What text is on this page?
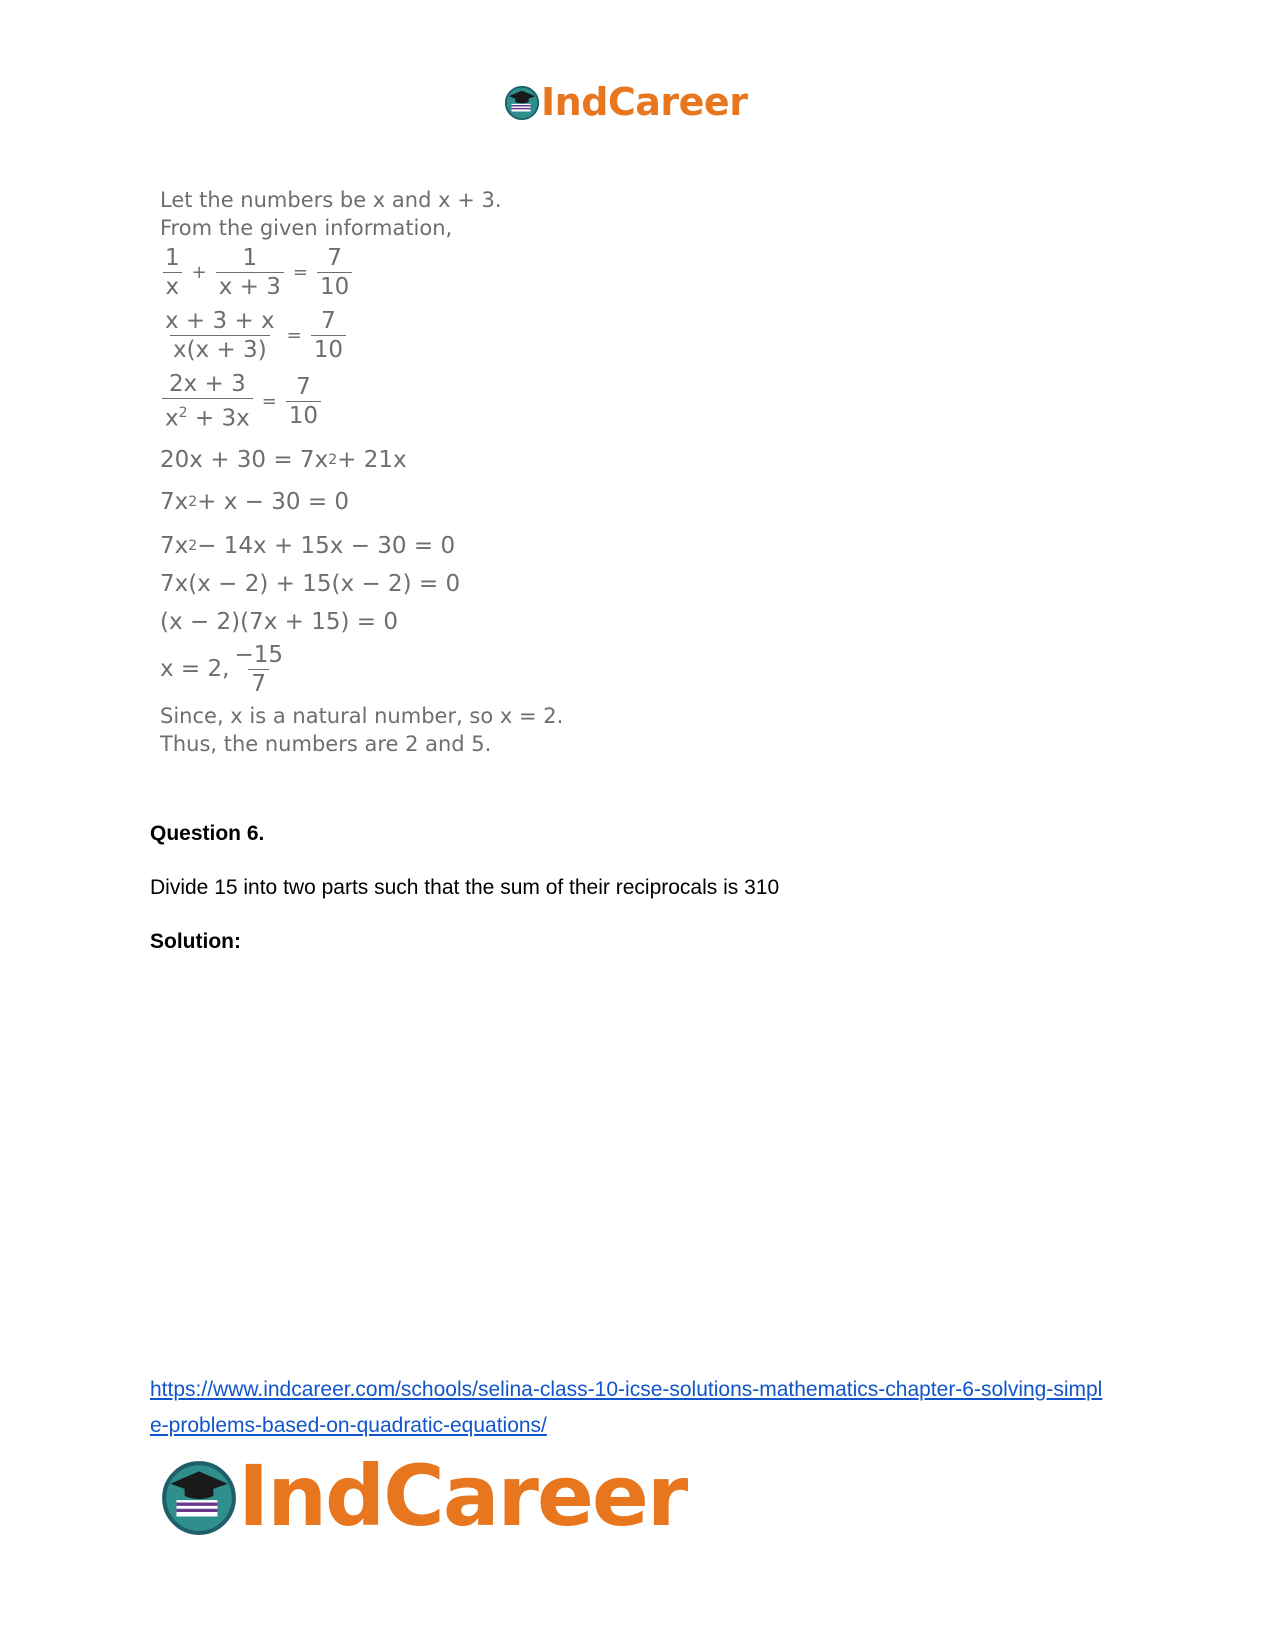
IndCareer
Let the numbers be x and x + 3.
From the given information,
$\frac{1}{x} + \frac{1}{x + 3} = \frac{7}{10}$
$\frac{x + 3 + x}{x(x + 3)} = \frac{7}{10}$
$\frac{2x + 3}{x^2 + 3x} = \frac{7}{10}$
20x + 30 = 7x 2 + 21x
7x 2 + x − 30 = 0
7x 2 − 14x + 15x − 30 = 0
7x(x − 2) + 15(x − 2) = 0
(x − 2)(7x + 15) = 0
x = 2, $\frac{-15}{7}$
Since, x is a natural number, so x = 2.
Thus, the numbers are 2 and 5.
Question 6.
Divide 15 into two parts such that the sum of their reciprocals is 310
Solution:
https://www.indcareer.com/schools/selina-class-10-icse-solutions-mathematics-chapter-6-solving-simple-problems-based-on-quadratic-equations/
IndCareer
